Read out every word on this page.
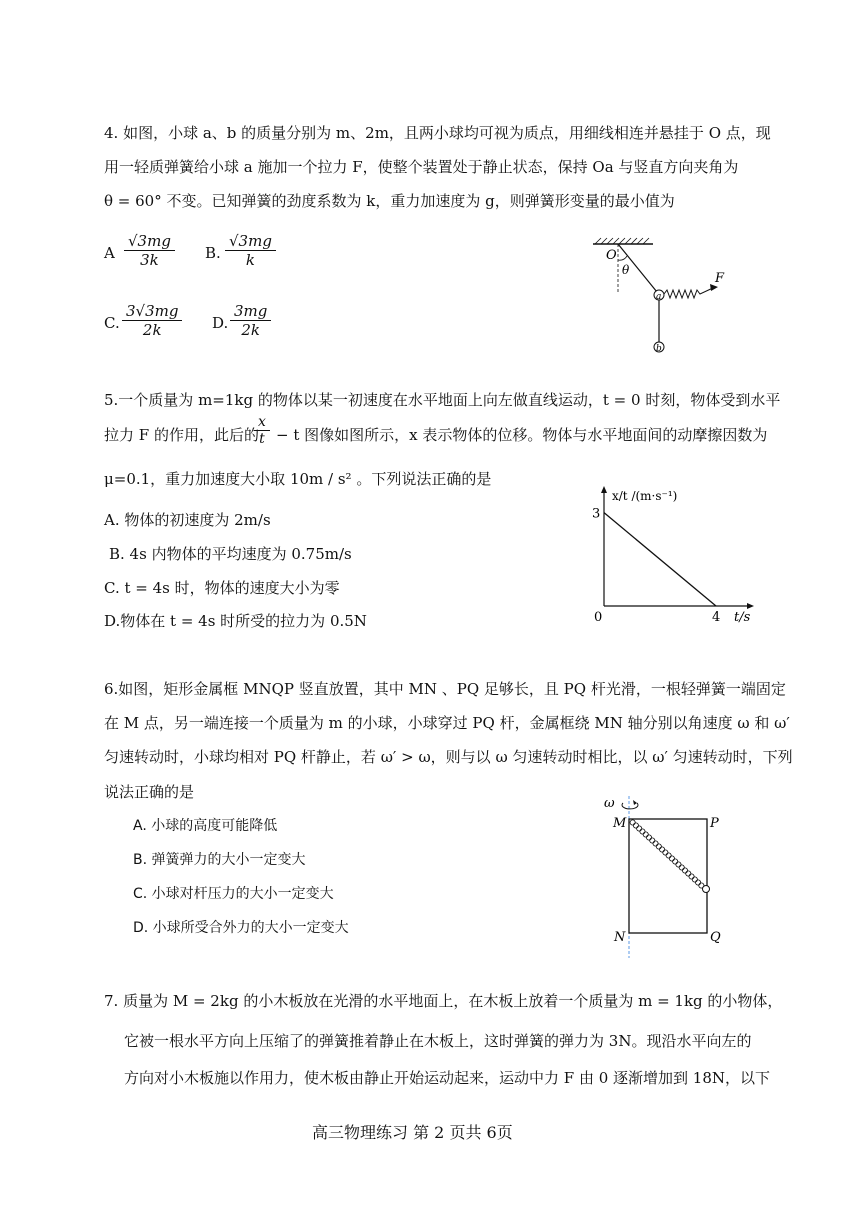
4. 如图，小球 a、b 的质量分别为 m、2m，且两小球均可视为质点，用细线相连并悬挂于 O 点，现
用一轻质弹簧给小球 a 施加一个拉力 F，使整个装置处于静止状态，保持 Oa 与竖直方向夹角为
θ = 60° 不变。已知弹簧的劲度系数为 k，重力加速度为 g，则弹簧形变量的最小值为
A $\frac{√3mg}{3k} B$. $\frac{√3mg}{k}$
C. $\frac{3√3mg}{2k} D$. $\frac{3mg}{2k}$
O
θ
a
F
b
5.一个质量为 m=1kg 的物体以某一初速度在水平地面上向左做直线运动，t = 0 时刻，物体受到水平
拉力 F 的作用，此后的
$\frac{x}{t} - t$ 图像如图所示，x 表示物体的位移。物体与水平地面间的动摩擦因数为
μ=0.1，重力加速度大小取 10m / s² 。下列说法正确的是
A. 物体的初速度为 2m/s
B. 4s 内物体的平均速度为 0.75m/s
C. t = 4s 时，物体的速度大小为零
D.物体在 t = 4s 时所受的拉力为 0.5N	0	4
3
t/s
x/t /(m·s⁻¹)
6.如图，矩形金属框 MNQP 竖直放置，其中 MN 、PQ 足够长，且 PQ 杆光滑，一根轻弹簧一端固定
在 M 点，另一端连接一个质量为 m 的小球，小球穿过 PQ 杆，金属框绕 MN 轴分别以角速度 ω 和 ω′
匀速转动时，小球均相对 PQ 杆静止，若 ω′ > ω，则与以 ω 匀速转动时相比，以 ω′ 匀速转动时，下列
说法正确的是
A. 小球的高度可能降低
B. 弹簧弹力的大小一定变大
C. 小球对杆压力的大小一定变大
D. 小球所受合外力的大小一定变大
ω
M	P
N	Q
7. 质量为 M = 2kg 的小木板放在光滑的水平地面上，在木板上放着一个质量为 m = 1kg 的小物体，
它被一根水平方向上压缩了的弹簧推着静止在木板上，这时弹簧的弹力为 3N。现沿水平向左的
方向对小木板施以作用力，使木板由静止开始运动起来，运动中力 F 由 0 逐渐增加到 18N，以下
高三物理练习 第 2 页共 6页
